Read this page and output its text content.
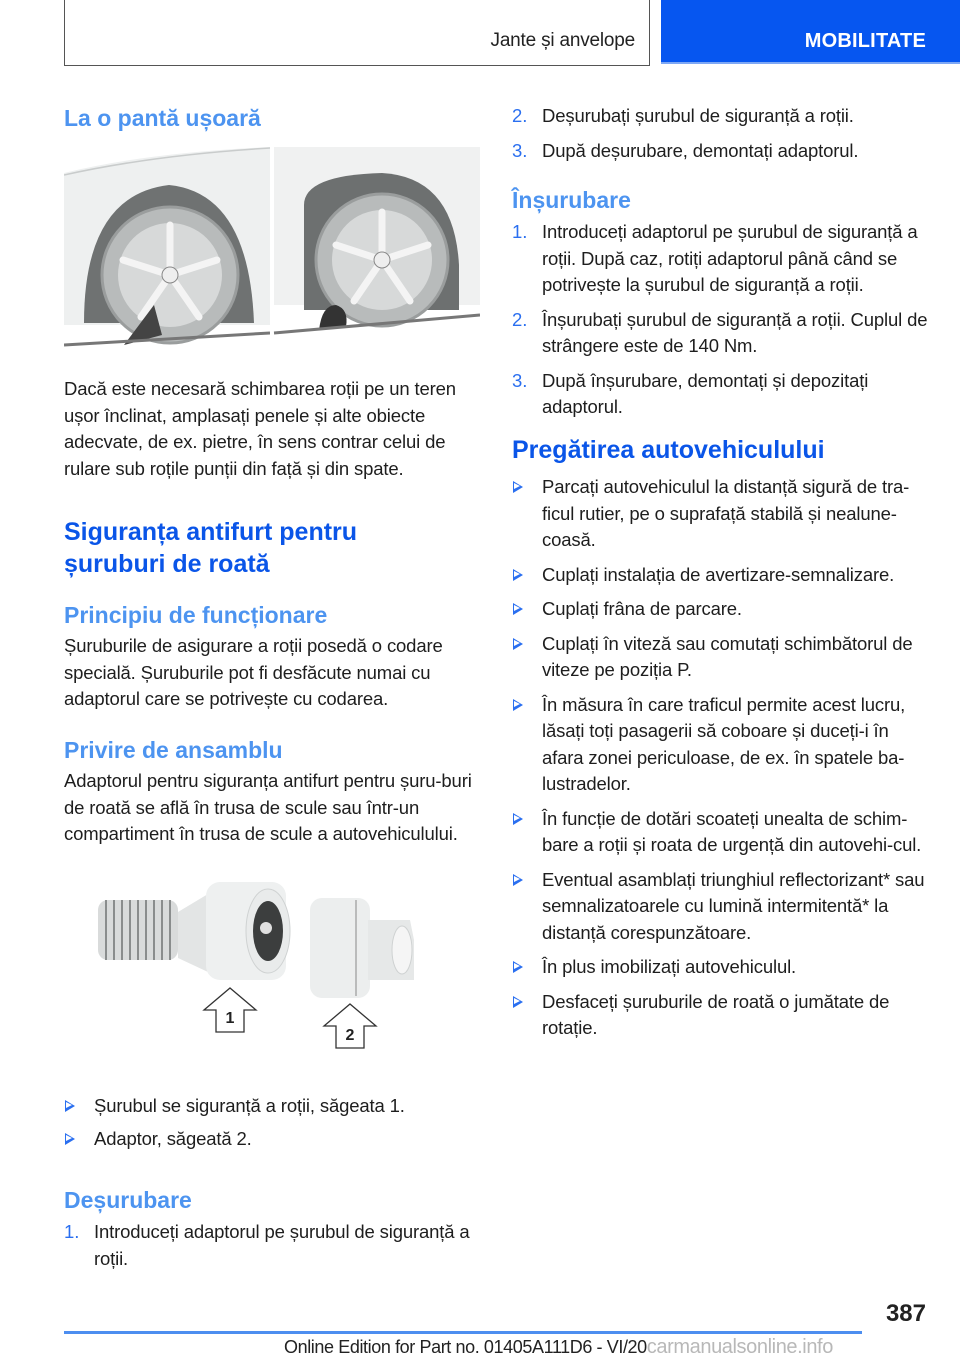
Jante și anvelope	MOBILITATE
La o pantă ușoară

Dacă este necesară schimbarea roții pe un teren ușor înclinat, amplasați penele și alte obiecte adecvate, de ex. pietre, în sens contrar celui de rulare sub roțile punții din față și din spate.

Siguranța antifurt pentru
șuruburi de roată
Principiu de funcționare

Șuruburile de asigurare a roții posedă o codare specială. Șuruburile pot fi desfăcute numai cu adaptorul care se potrivește cu codarea.

Privire de ansamblu

Adaptorul pentru siguranța antifurt pentru șuru-buri de roată se află în trusa de scule sau într-un compartiment în trusa de scule a autovehiculului.

1
2
Șurubul se siguranță a roții, săgeata 1.
Adaptor, săgeată 2.
Deșurubare
1. Introduceți adaptorul pe șurubul de siguranță a roții.
2. Deșurubați șurubul de siguranță a roții.
3. După deșurubare, demontați adaptorul.
Înșurubare
1. Introduceți adaptorul pe șurubul de siguranță a roții. După caz, rotiți adaptorul până când se potrivește la șurubul de siguranță a roții.
2. Înșurubați șurubul de siguranță a roții. Cuplul de strângere este de 140 Nm.
3. După înșurubare, demontați și depozitați adaptorul.
Pregătirea autovehiculului
Parcați autovehiculul la distanță sigură de tra-ficul rutier, pe o suprafață stabilă și nealune-coasă.
Cuplați instalația de avertizare-semnalizare.
Cuplați frâna de parcare.
Cuplați în viteză sau comutați schimbătorul de viteze pe poziția P.
În măsura în care traficul permite acest lucru, lăsați toți pasagerii să coboare și duceți-i în afara zonei periculoase, de ex. în spatele ba-lustradelor.
În funcție de dotări scoateți unealta de schim-bare a roții și roata de urgență din autovehi-cul.
Eventual asamblați triunghiul reflectorizant* sau semnalizatoarele cu lumină intermitentă* la distanță corespunzătoare.
În plus imobilizați autovehiculul.
Desfaceți șuruburile de roată o jumătate de rotație.
387
Online Edition for Part no. 01405A111D6 - VI/20carmanualsonline.info
